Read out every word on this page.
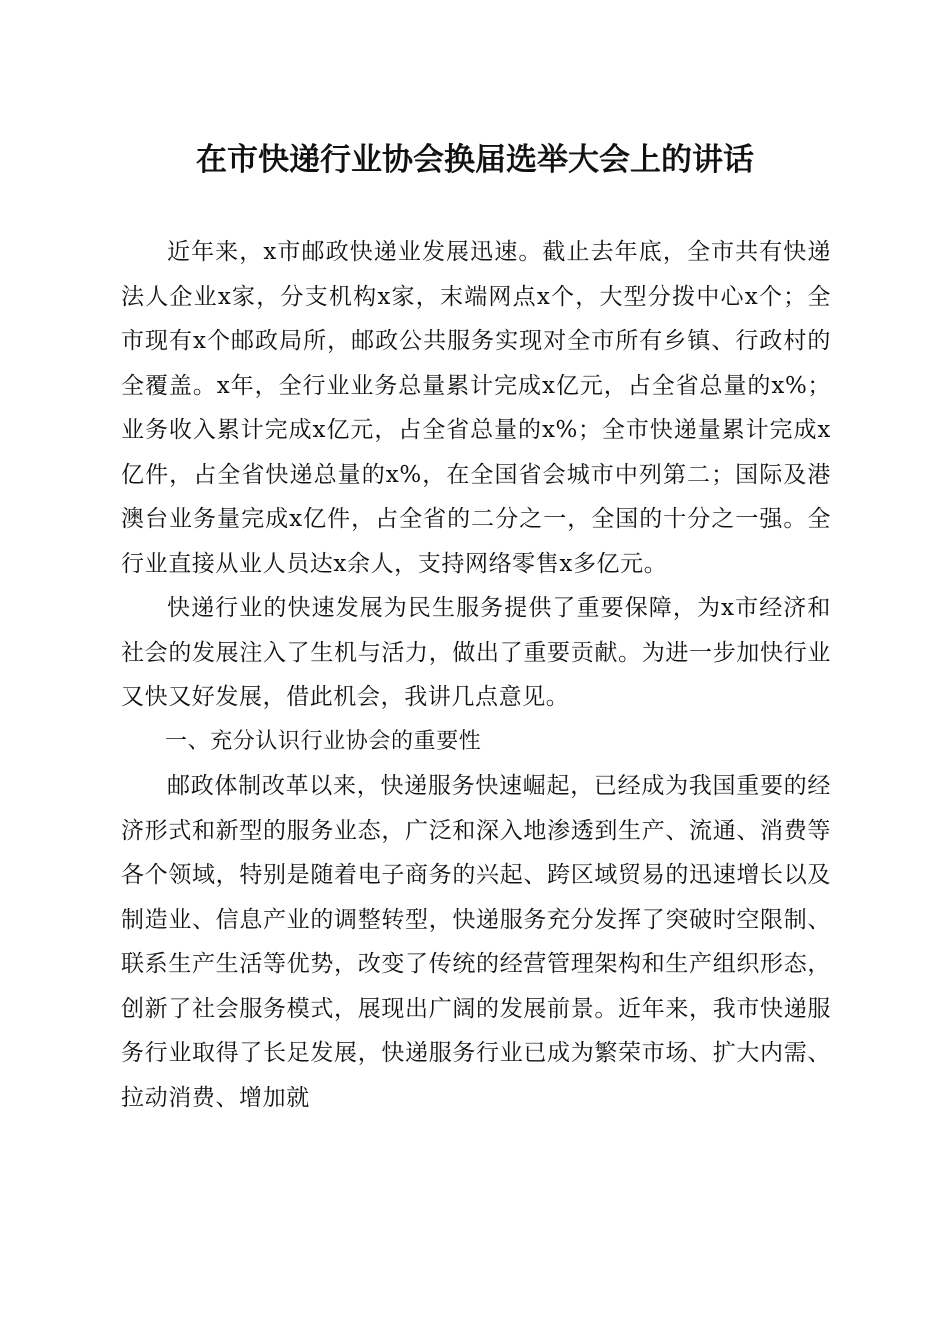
在市快递行业协会换届选举大会上的讲话

近年来，x市邮政快递业发展迅速。截止去年底，全市共有快递法人企业x家，分支机构x家，末端网点x个，大型分拨中心x个；全市现有x个邮政局所，邮政公共服务实现对全市所有乡镇、行政村的全覆盖。x年，全行业业务总量累计完成x亿元，占全省总量的x%；业务收入累计完成x亿元，占全省总量的x%；全市快递量累计完成x亿件，占全省快递总量的x%，在全国省会城市中列第二；国际及港澳台业务量完成x亿件，占全省的二分之一，全国的十分之一强。全行业直接从业人员达x余人，支持网络零售x多亿元。

快递行业的快速发展为民生服务提供了重要保障，为x市经济和社会的发展注入了生机与活力，做出了重要贡献。为进一步加快行业又快又好发展，借此机会，我讲几点意见。

一、充分认识行业协会的重要性

邮政体制改革以来，快递服务快速崛起，已经成为我国重要的经济形式和新型的服务业态，广泛和深入地渗透到生产、流通、消费等各个领域，特别是随着电子商务的兴起、跨区域贸易的迅速增长以及制造业、信息产业的调整转型，快递服务充分发挥了突破时空限制、联系生产生活等优势，改变了传统的经营管理架构和生产组织形态，创新了社会服务模式，展现出广阔的发展前景。近年来，我市快递服务行业取得了长足发展，快递服务行业已成为繁荣市场、扩大内需、拉动消费、增加就
